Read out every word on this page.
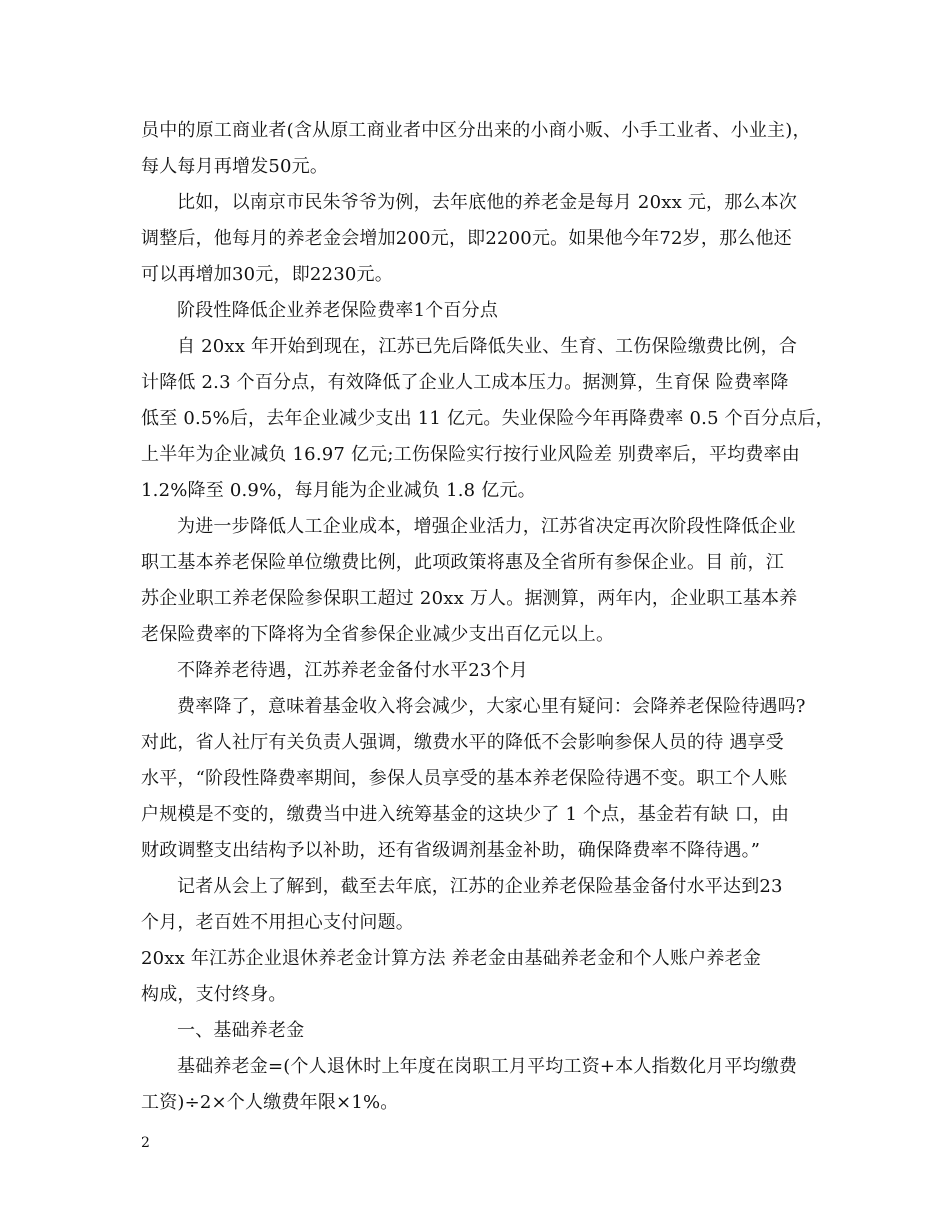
员中的原工商业者(含从原工商业者中区分出来的小商小贩、小手工业者、小业主)，
每人每月再增发50元。
比如，以南京市民朱爷爷为例，去年底他的养老金是每月 20xx 元，那么本次
调整后，他每月的养老金会增加200元，即2200元。如果他今年72岁，那么他还
可以再增加30元，即2230元。
阶段性降低企业养老保险费率1个百分点
自 20xx 年开始到现在，江苏已先后降低失业、生育、工伤保险缴费比例，合
计降低 2.3 个百分点，有效降低了企业人工成本压力。据测算，生育保 险费率降
低至 0.5%后，去年企业减少支出 11 亿元。失业保险今年再降费率 0.5 个百分点后，
上半年为企业减负 16.97 亿元;工伤保险实行按行业风险差 别费率后，平均费率由
1.2%降至 0.9%，每月能为企业减负 1.8 亿元。
为进一步降低人工企业成本，增强企业活力，江苏省决定再次阶段性降低企业
职工基本养老保险单位缴费比例，此项政策将惠及全省所有参保企业。目 前，江
苏企业职工养老保险参保职工超过 20xx 万人。据测算，两年内，企业职工基本养
老保险费率的下降将为全省参保企业减少支出百亿元以上。
不降养老待遇，江苏养老金备付水平23个月
费率降了，意味着基金收入将会减少，大家心里有疑问：会降养老保险待遇吗?
对此，省人社厅有关负责人强调，缴费水平的降低不会影响参保人员的待 遇享受
水平，“阶段性降费率期间，参保人员享受的基本养老保险待遇不变。职工个人账
户规模是不变的，缴费当中进入统筹基金的这块少了 1 个点，基金若有缺 口，由
财政调整支出结构予以补助，还有省级调剂基金补助，确保降费率不降待遇。”
记者从会上了解到，截至去年底，江苏的企业养老保险基金备付水平达到23
个月，老百姓不用担心支付问题。
20xx 年江苏企业退休养老金计算方法 养老金由基础养老金和个人账户养老金
构成，支付终身。
一、基础养老金
基础养老金=(个人退休时上年度在岗职工月平均工资+本人指数化月平均缴费
工资)÷2×个人缴费年限×1%。
2
